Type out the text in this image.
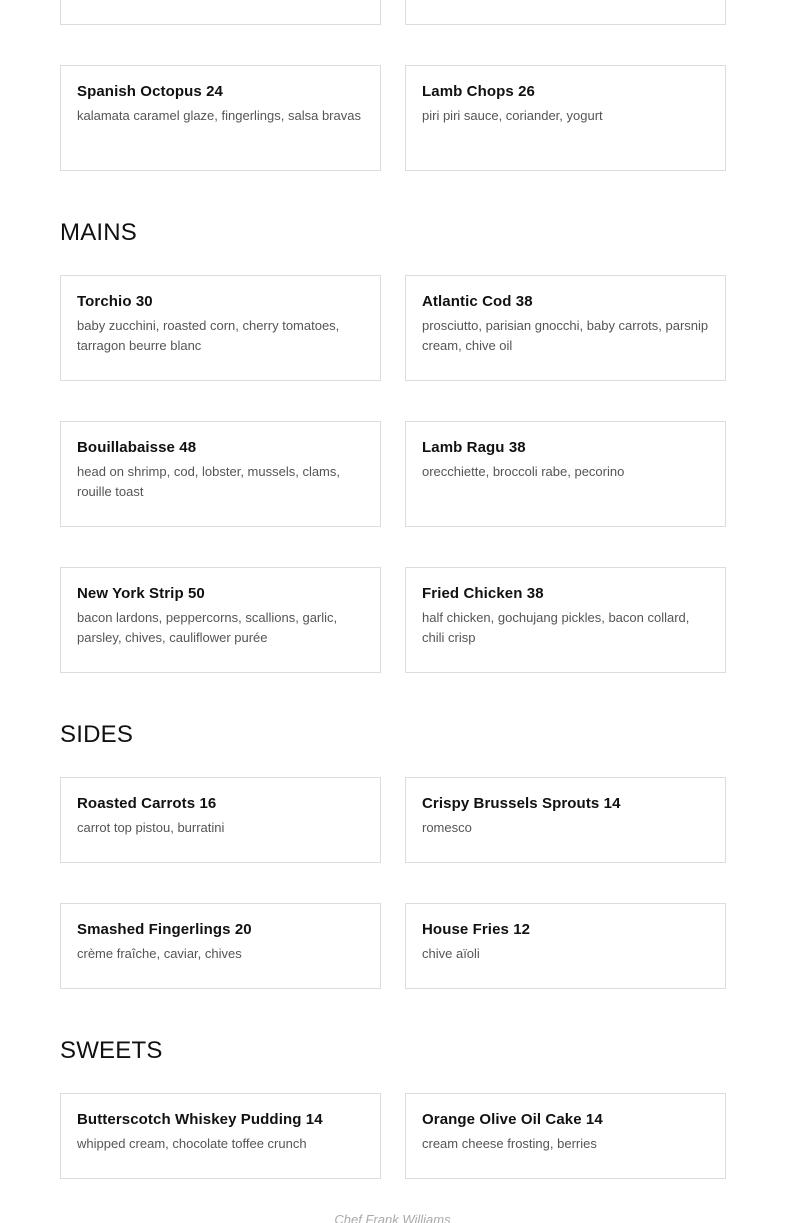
Spanish Octopus 24
kalamata caramel glaze, fingerlings, salsa bravas
Lamb Chops 26
piri piri sauce, coriander, yogurt
MAINS
Torchio 30
baby zucchini, roasted corn, cherry tomatoes, tarragon beurre blanc
Atlantic Cod 38
prosciutto, parisian gnocchi, baby carrots, parsnip cream, chive oil
Bouillabaisse 48
head on shrimp, cod, lobster, mussels, clams, rouille toast
Lamb Ragu 38
orecchiette, broccoli rabe, pecorino
New York Strip 50
bacon lardons, peppercorns, scallions, garlic, parsley, chives, cauliflower purée
Fried Chicken 38
half chicken, gochujang pickles, bacon collard, chili crisp
SIDES
Roasted Carrots 16
carrot top pistou, burratini
Crispy Brussels Sprouts 14
romesco
Smashed Fingerlings 20
crème fraîche, caviar, chives
House Fries 12
chive aïoli
SWEETS
Butterscotch Whiskey Pudding 14
whipped cream, chocolate toffee crunch
Orange Olive Oil Cake 14
cream cheese frosting, berries
Chef Frank Williams
